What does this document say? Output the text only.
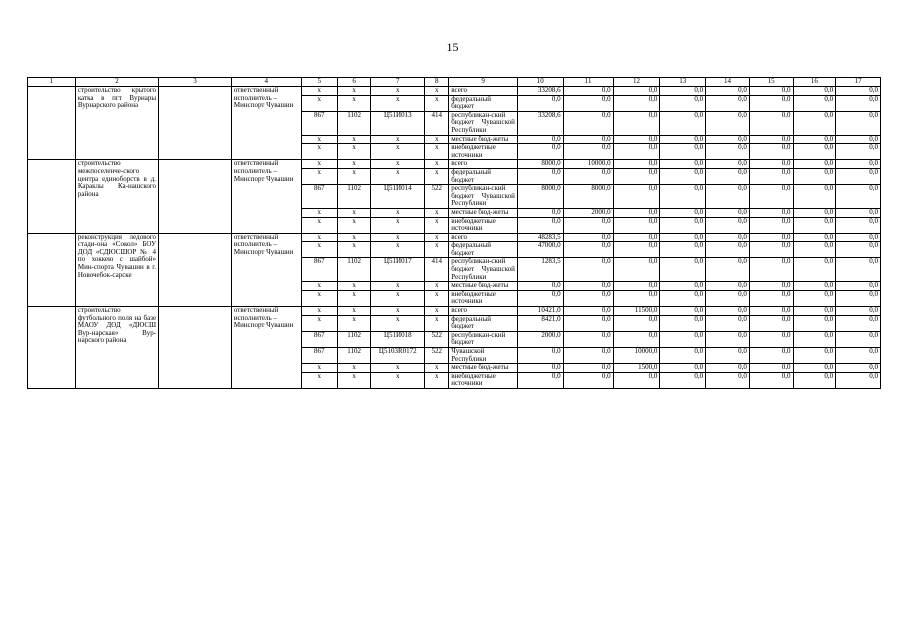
15
1	2	3	4	5	6	7	8	9	10	11	12	13	14	15	16	17
	строительство крытого катка в пгт Вурнары Вурнарского района		ответственный исполнитель – Минспорт Чувашии	x	x	x	x	всего	33208,6	0,0	0,0	0,0	0,0	0,0	0,0	0,0
				x	x	x	x	федеральный бюджет	0,0	0,0	0,0	0,0	0,0	0,0	0,0	0,0
				867	1102	Ц51И013	414	республикан-ский бюджет Чувашской Республики	33208,6	0,0	0,0	0,0	0,0	0,0	0,0	0,0
				x	x	x	x	местные бюд-жеты	0,0	0,0	0,0	0,0	0,0	0,0	0,0	0,0
				x	x	x	x	внебюджетные источники	0,0	0,0	0,0	0,0	0,0	0,0	0,0	0,0
	строительство межпоселенче-ского центра единоборств в д. Караклы Ка-нашского района		ответственный исполнитель – Минспорт Чувашии	x	x	x	x	всего	8000,0	10000,0	0,0	0,0	0,0	0,0	0,0	0,0
				x	x	x	x	федеральный бюджет	0,0	0,0	0,0	0,0	0,0	0,0	0,0	0,0
				867	1102	Ц51И014	522	республикан-ский бюджет Чувашской Республики	8000,0	8000,0	0,0	0,0	0,0	0,0	0,0	0,0
				x	x	x	x	местные бюд-жеты	0,0	2000,0	0,0	0,0	0,0	0,0	0,0	0,0
				x	x	x	x	внебюджетные источники	0,0	0,0	0,0	0,0	0,0	0,0	0,0	0,0
	реконструкция ледового стади-она «Сокол» БОУ ДОД «СДЮСШОР № 4 по хоккею с шайбой» Мин-спорта Чувашии в г. Новочебок-сарске		ответственный исполнитель – Минспорт Чувашии	x	x	x	x	всего	48283,5	0,0	0,0	0,0	0,0	0,0	0,0	0,0
				x	x	x	x	федеральный бюджет	47000,0	0,0	0,0	0,0	0,0	0,0	0,0	0,0
				867	1102	Ц51И017	414	республикан-ский бюджет Чувашской Республики	1283,5	0,0	0,0	0,0	0,0	0,0	0,0	0,0
				x	x	x	x	местные бюд-жеты	0,0	0,0	0,0	0,0	0,0	0,0	0,0	0,0
				x	x	x	x	внебюджетные источники	0,0	0,0	0,0	0,0	0,0	0,0	0,0	0,0
	строительство футбольного поля на базе МАОУ ДОД «ДЮСШ Вур-нарская» Вур-нарского района		ответственный исполнитель – Минспорт Чувашии	x	x	x	x	всего	10421,0	0,0	11500,0	0,0	0,0	0,0	0,0	0,0
				x	x	x	x	федеральный бюджет	8421,0	0,0	0,0	0,0	0,0	0,0	0,0	0,0
				867	1102	Ц51И018	522	республикан-ский бюджет	2000,0	0,0	0,0	0,0	0,0	0,0	0,0	0,0
				867	1102	Ц5103R0172	522	Чувашской Республики	0,0	0,0	10000,0	0,0	0,0	0,0	0,0	0,0
				x	x	x	x	местные бюд-жеты	0,0	0,0	1500,0	0,0	0,0	0,0	0,0	0,0
				x	x	x	x	внебюджетные источники	0,0	0,0	0,0	0,0	0,0	0,0	0,0	0,0
